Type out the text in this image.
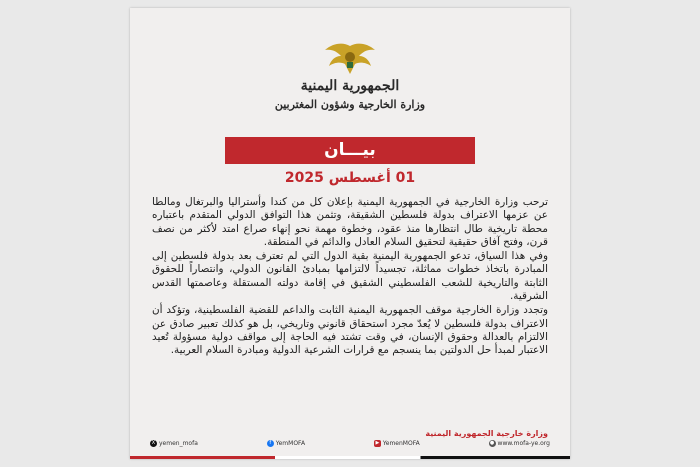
الجمهورية اليمنية
وزارة الخارجية وشؤون المغتربين
بيـــان
01 أغسطس 2025

ترحب وزارة الخارجية في الجمهورية اليمنية بإعلان كل من كندا وأستراليا والبرتغال ومالطا عن عزمها الاعتراف بدولة فلسطين الشقيقة، وتثمن هذا التوافق الدولي المتقدم باعتباره محطة تاريخية طال انتظارها منذ عقود، وخطوة مهمة نحو إنهاء صراع امتد لأكثر من نصف قرن، وفتح آفاق حقيقية لتحقيق السلام العادل والدائم في المنطقة.

وفي هذا السياق، تدعو الجمهورية اليمنية بقية الدول التي لم تعترف بعد بدولة فلسطين إلى المبادرة باتخاذ خطوات مماثلة، تجسيداً لالتزامها بمبادئ القانون الدولي، وانتصاراً للحقوق الثابتة والتاريخية للشعب الفلسطيني الشقيق في إقامة دولته المستقلة وعاصمتها القدس الشرقية.

وتجدد وزارة الخارجية موقف الجمهورية اليمنية الثابت والداعم للقضية الفلسطينية، وتؤكد أن الاعتراف بدولة فلسطين لا يُعدّ مجرد استحقاق قانوني وتاريخي، بل هو كذلك تعبير صادق عن الالتزام بالعدالة وحقوق الإنسان، في وقت تشتد فيه الحاجة إلى مواقف دولية مسؤولة تُعيد الاعتبار لمبدأ حل الدولتين بما ينسجم مع قرارات الشرعية الدولية ومبادرة السلام العربية.

وزارة خارجية الجمهورية اليمنية
X yemen_mofa	f YemMOFA	▶ YemenMOFA	● www.mofa-ye.org
